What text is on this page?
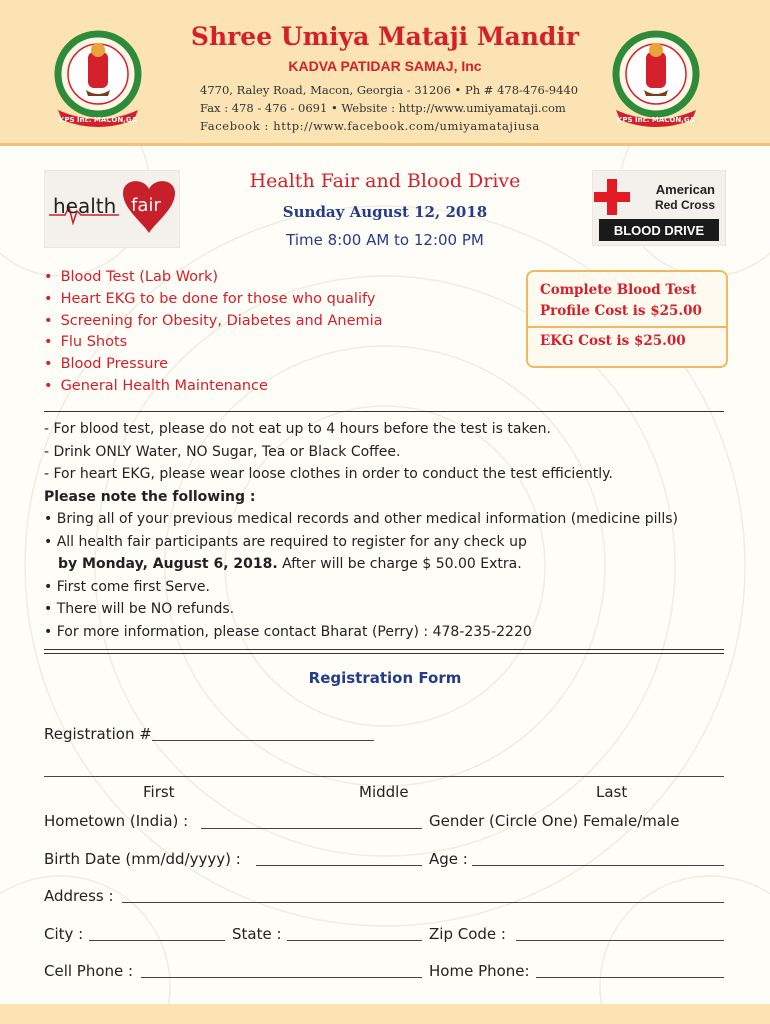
KPS Inc. MACON,GA	KPS Inc. MACON,GA
Shree Umiya Mataji Mandir
KADVA PATIDAR SAMAJ, Inc
4770, Raley Road, Macon, Georgia - 31206 • Ph # 478-476-9440
Fax : 478 - 476 - 0691 • Website : http://www.umiyamataji.com
Facebook : http://www.facebook.com/umiyamatajiusa
health fair
American
Red Cross
BLOOD DRIVE
Health Fair and Blood Drive
Sunday August 12, 2018
Time 8:00 AM to 12:00 PM
• Blood Test (Lab Work)
• Heart EKG to be done for those who qualify
• Screening for Obesity, Diabetes and Anemia
• Flu Shots
• Blood Pressure
• General Health Maintenance
Complete Blood Test Profile Cost is $25.00
EKG Cost is $25.00
- For blood test, please do not eat up to 4 hours before the test is taken.
- Drink ONLY Water, NO Sugar, Tea or Black Coffee.
- For heart EKG, please wear loose clothes in order to conduct the test efficiently.
Please note the following :
• Bring all of your previous medical records and other medical information (medicine pills)
• All health fair participants are required to register for any check up
by Monday, August 6, 2018. After will be charge $ 50.00 Extra.
• First come first Serve.
• There will be NO refunds.
• For more information, please contact Bharat (Perry) : 478-235-2220
Registration Form
Registration #
First	Middle	Last
Hometown (India) :	Gender (Circle One) Female/male
Birth Date (mm/dd/yyyy) :	Age :
Address :
City :	State :	Zip Code :
Cell Phone :	Home Phone:
